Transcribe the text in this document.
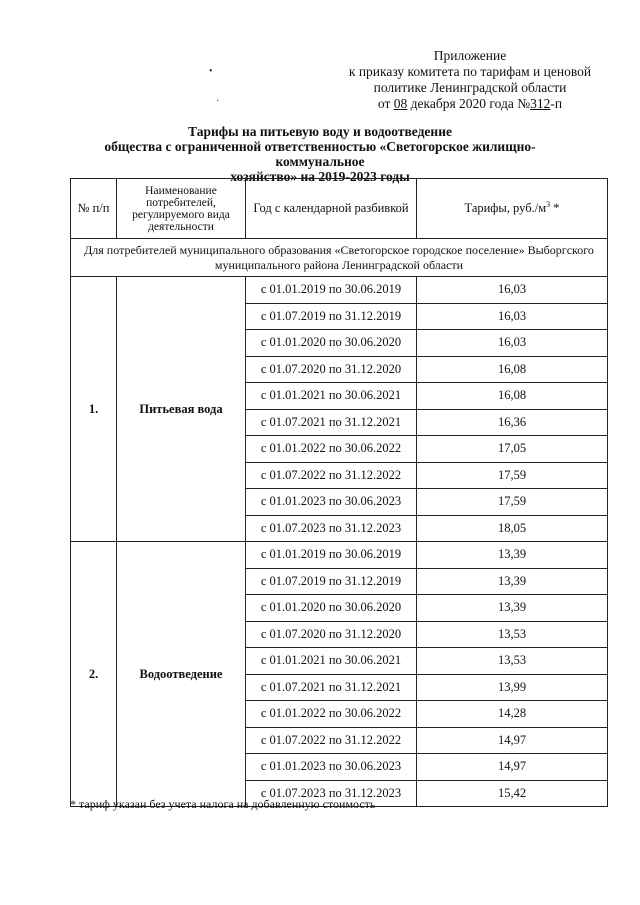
•
·
Приложение
к приказу комитета по тарифам и ценовой
политике Ленинградской области
от 08 декабря 2020 года №312-п
Тарифы на питьевую воду и водоотведение
общества с ограниченной ответственностью «Светогорское жилищно-коммунальное
хозяйство» на 2019-2023 годы
№ п/п	Наименование потребителей, регулируемого вида деятельности	Год с календарной разбивкой	Тарифы, $руб./м^3$ *
Для потребителей муниципального образования «Светогорское городское поселение» Выборгского муниципального района Ленинградской области			
1.	Питьевая вода	с 01.01.2019 по 30.06.2019	16,03
		с 01.07.2019 по 31.12.2019	16,03
		с 01.01.2020 по 30.06.2020	16,03
		с 01.07.2020 по 31.12.2020	16,08
		с 01.01.2021 по 30.06.2021	16,08
		с 01.07.2021 по 31.12.2021	16,36
		с 01.01.2022 по 30.06.2022	17,05
		с 01.07.2022 по 31.12.2022	17,59
		с 01.01.2023 по 30.06.2023	17,59
		с 01.07.2023 по 31.12.2023	18,05
2.	Водоотведение	с 01.01.2019 по 30.06.2019	13,39
		с 01.07.2019 по 31.12.2019	13,39
		с 01.01.2020 по 30.06.2020	13,39
		с 01.07.2020 по 31.12.2020	13,53
		с 01.01.2021 по 30.06.2021	13,53
		с 01.07.2021 по 31.12.2021	13,99
		с 01.01.2022 по 30.06.2022	14,28
		с 01.07.2022 по 31.12.2022	14,97
		с 01.01.2023 по 30.06.2023	14,97
		с 01.07.2023 по 31.12.2023	15,42
* тариф указан без учета налога на добавленную стоимость
